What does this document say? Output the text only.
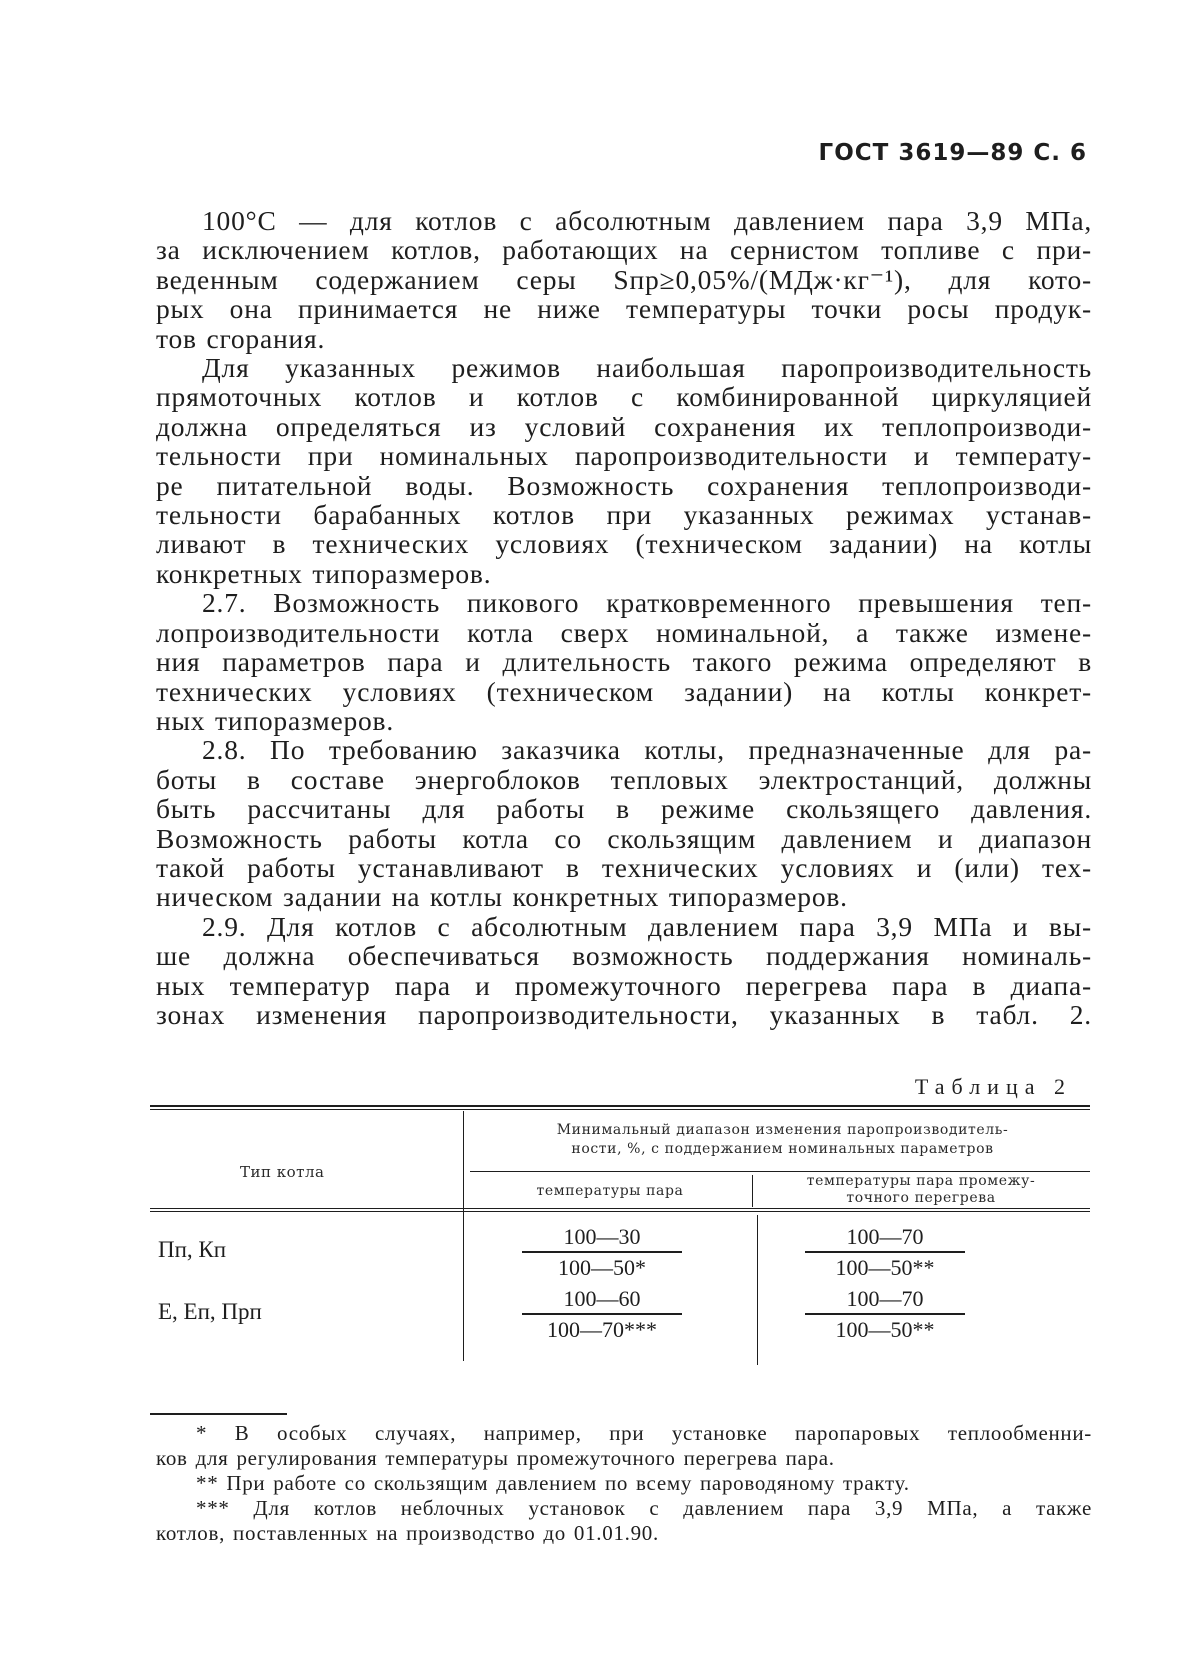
ГОСТ 3619—89 С. 6

100°С — для котлов с абсолютным давлением пара 3,9 МПа,

за исключением котлов, работающих на сернистом топливе с при-

веденным содержанием серы Sпр≥0,05%/(МДж·кг⁻¹), для кото-

рых она принимается не ниже температуры точки росы продук-

тов сгорания.

Для указанных режимов наибольшая паропроизводительность

прямоточных котлов и котлов с комбинированной циркуляцией

должна определяться из условий сохранения их теплопроизводи-

тельности при номинальных паропроизводительности и температу-

ре питательной воды. Возможность сохранения теплопроизводи-

тельности барабанных котлов при указанных режимах устанав-

ливают в технических условиях (техническом задании) на котлы

конкретных типоразмеров.

2.7. Возможность пикового кратковременного превышения теп-

лопроизводительности котла сверх номинальной, а также измене-

ния параметров пара и длительность такого режима определяют в

технических условиях (техническом задании) на котлы конкрет-

ных типоразмеров.

2.8. По требованию заказчика котлы, предназначенные для ра-

боты в составе энергоблоков тепловых электростанций, должны

быть рассчитаны для работы в режиме скользящего давления.

Возможность работы котла со скользящим давлением и диапазон

такой работы устанавливают в технических условиях и (или) тех-

ническом задании на котлы конкретных типоразмеров.

2.9. Для котлов с абсолютным давлением пара 3,9 МПа и вы-

ше должна обеспечиваться возможность поддержания номиналь-

ных температур пара и промежуточного перегрева пара в диапа-

зонах изменения паропроизводительности, указанных в табл. 2.

Таблица 2
Тип котла
Минимальный диапазон изменения паропроизводитель-
ности, %, с поддержанием номинальных параметров
температуры пара
температуры пара промежу-
точного перегрева
Пп, Кп
100—30
100—50*
100—70
100—50**
Е, Еп, Прп
100—60
100—70***
100—70
100—50**

* В особых случаях, например, при установке паропаровых теплообменни-

ков для регулирования температуры промежуточного перегрева пара.

** При работе со скользящим давлением по всему пароводяному тракту.

*** Для котлов неблочных установок с давлением пара 3,9 МПа, а также

котлов, поставленных на производство до 01.01.90.
